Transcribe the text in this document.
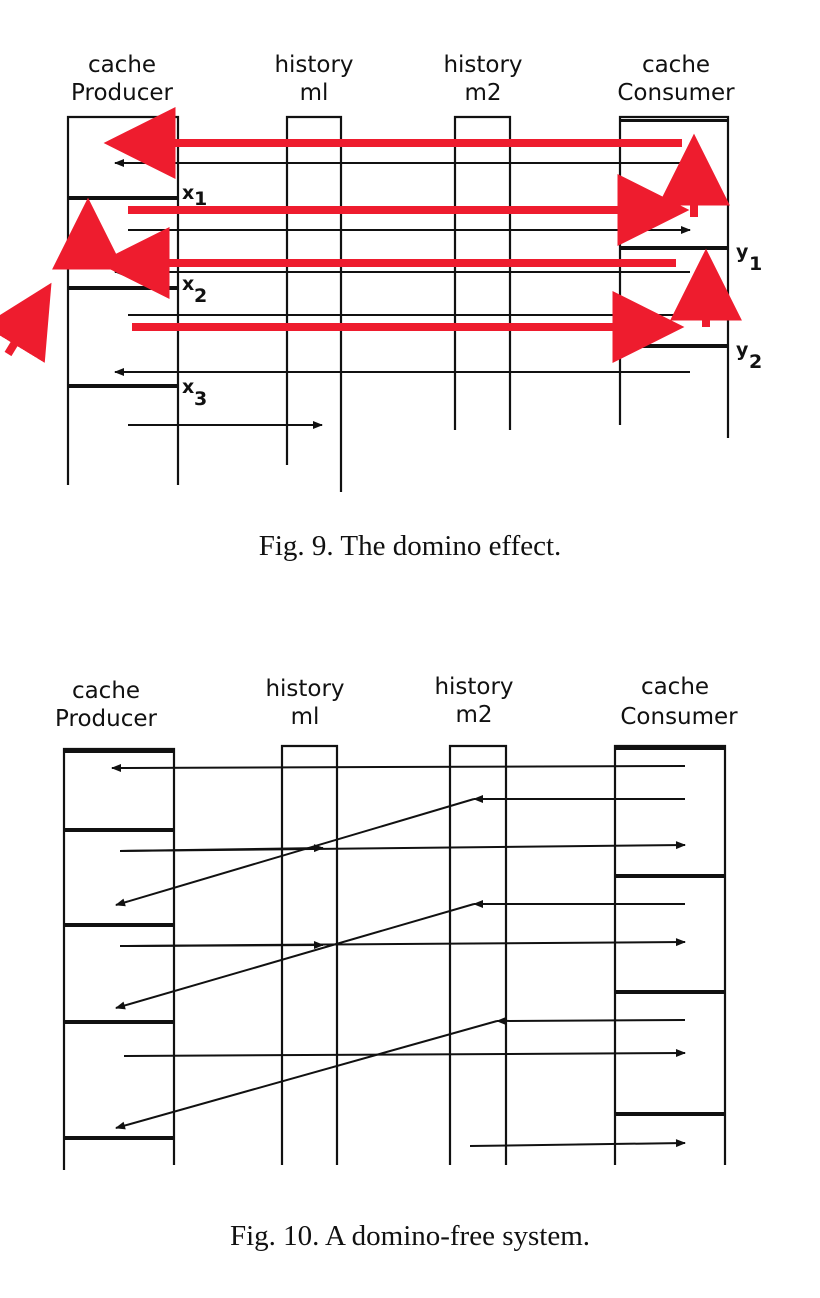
cache
Producer
history
ml
history
m2
cache
Consumer
x 1
x
2
x
3
y
1
y
2
Fig. 9. The domino effect.
cache
Producer
history
ml
history
m2
cache
Consumer
Fig. 10. A domino-free system.
